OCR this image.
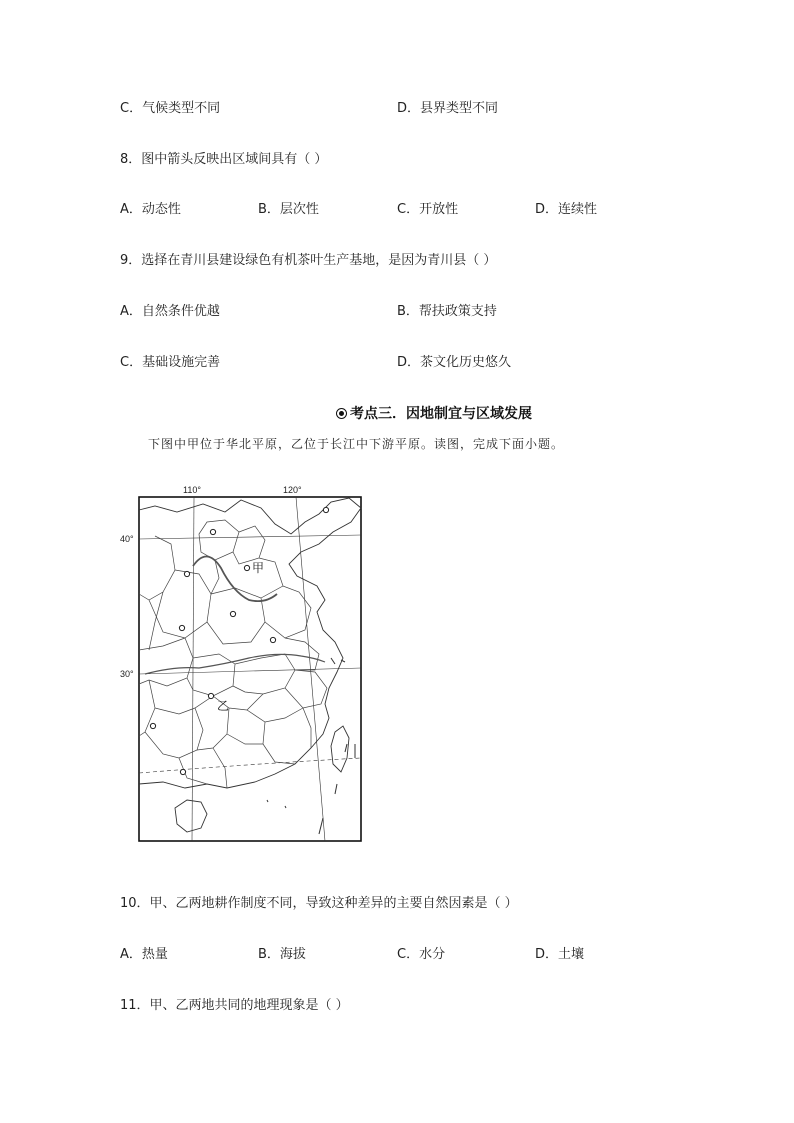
C．气候类型不同	D．县界类型不同
8．图中箭头反映出区域间具有（ ）
A．动态性	B．层次性	C．开放性	D．连续性
9．选择在青川县建设绿色有机茶叶生产基地，是因为青川县（ ）
A．自然条件优越	B．帮扶政策支持
C．基础设施完善	D．茶文化历史悠久
考点三．因地制宜与区域发展
下图中甲位于华北平原，乙位于长江中下游平原。读图，完成下面小题。
110°	120°
40°
30°
甲
乙
10．甲、乙两地耕作制度不同，导致这种差异的主要自然因素是（ ）
A．热量	B．海拔	C．水分	D．土壤
11．甲、乙两地共同的地理现象是（ ）
